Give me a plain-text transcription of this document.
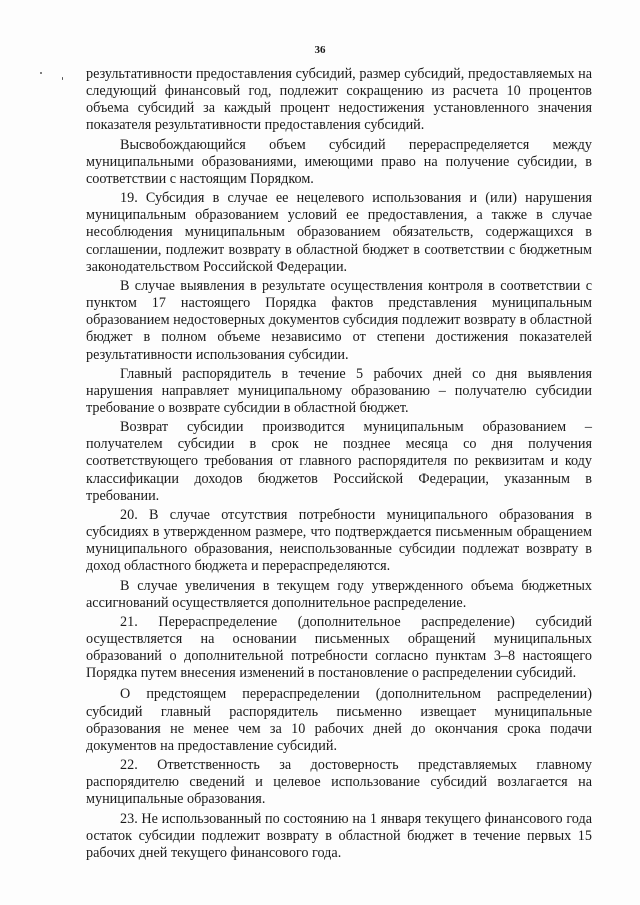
36

результативности предоставления субсидий, размер субсидий, предоставляемых на следующий финансовый год, подлежит сокращению из расчета 10 процентов объема субсидий за каждый процент недостижения установленного значения показателя результативности предоставления субсидий.

Высвобождающийся объем субсидий перераспределяется между муниципальными образованиями, имеющими право на получение субсидии, в соответствии с настоящим Порядком.

19. Субсидия в случае ее нецелевого использования и (или) нарушения муниципальным образованием условий ее предоставления, а также в случае несоблюдения муниципальным образованием обязательств, содержащихся в соглашении, подлежит возврату в областной бюджет в соответствии с бюджетным законодательством Российской Федерации.

В случае выявления в результате осуществления контроля в соответствии с пунктом 17 настоящего Порядка фактов представления муниципальным образованием недостоверных документов субсидия подлежит возврату в областной бюджет в полном объеме независимо от степени достижения показателей результативности использования субсидии.

Главный распорядитель в течение 5 рабочих дней со дня выявления нарушения направляет муниципальному образованию – получателю субсидии требование о возврате субсидии в областной бюджет.

Возврат субсидии производится муниципальным образованием – получателем субсидии в срок не позднее месяца со дня получения соответствующего требования от главного распорядителя по реквизитам и коду классификации доходов бюджетов Российской Федерации, указанным в требовании.

20. В случае отсутствия потребности муниципального образования в субсидиях в утвержденном размере, что подтверждается письменным обращением муниципального образования, неиспользованные субсидии подлежат возврату в доход областного бюджета и перераспределяются.

В случае увеличения в текущем году утвержденного объема бюджетных ассигнований осуществляется дополнительное распределение.

21. Перераспределение (дополнительное распределение) субсидий осуществляется на основании письменных обращений муниципальных образований о дополнительной потребности согласно пунктам 3–8 настоящего Порядка путем внесения изменений в постановление о распределении субсидий.

О предстоящем перераспределении (дополнительном распределении) субсидий главный распорядитель письменно извещает муниципальные образования не менее чем за 10 рабочих дней до окончания срока подачи документов на предоставление субсидий.

22. Ответственность за достоверность представляемых главному распорядителю сведений и целевое использование субсидий возлагается на муниципальные образования.

23. Не использованный по состоянию на 1 января текущего финансового года остаток субсидии подлежит возврату в областной бюджет в течение первых 15 рабочих дней текущего финансового года.
